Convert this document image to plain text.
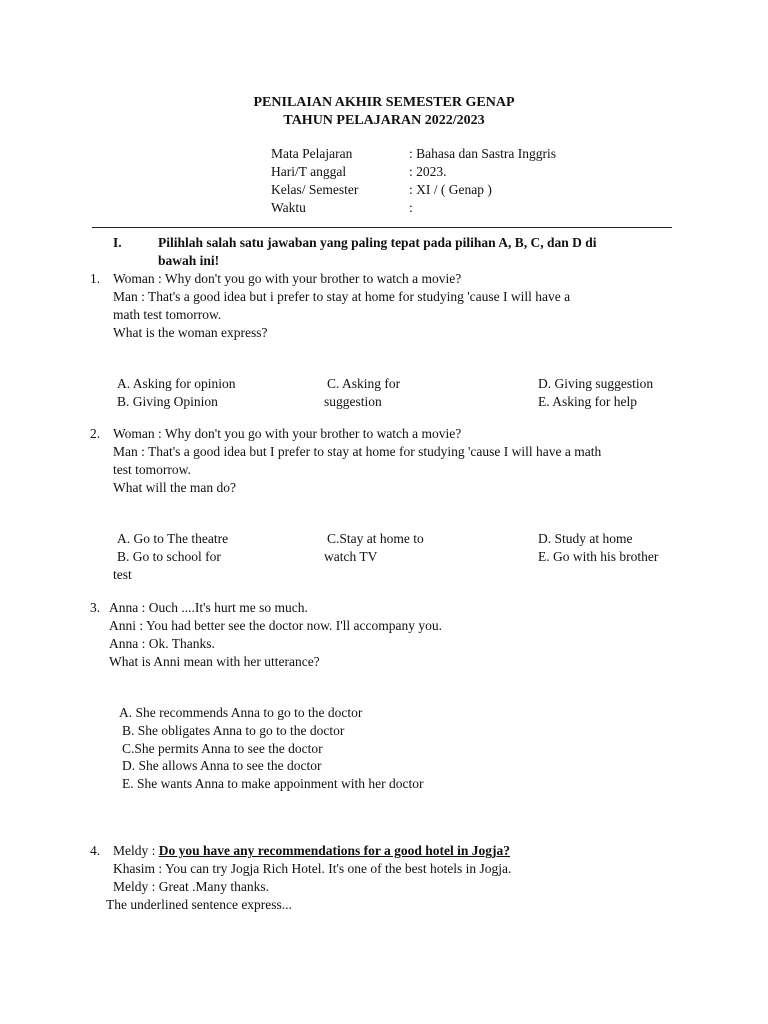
PENILAIAN AKHIR SEMESTER GENAP
TAHUN PELAJARAN 2022/2023
Mata Pelajaran	: Bahasa dan Sastra Inggris
Hari/T anggal	: 2023.
Kelas/ Semester	: XI / ( Genap )
Waktu	:
I.	Pilihlah salah satu jawaban yang paling tepat pada pilihan A, B, C, dan D di
bawah ini!
1. Woman : Why don't you go with your brother to watch a movie?
Man : That's a good idea but i prefer to stay at home for studying 'cause I will have a
math test tomorrow.
What is the woman express?
A. Asking for opinion
B. Giving Opinion
C. Asking for
suggestion
D. Giving suggestion
E. Asking for help
2. Woman : Why don't you go with your brother to watch a movie?
Man : That's a good idea but I prefer to stay at home for studying 'cause I will have a math
test tomorrow.
What will the man do?
A. Go to The theatre
B. Go to school for
test
C.Stay at home to
watch TV
D. Study at home
E. Go with his brother
3. Anna : Ouch ....It's hurt me so much.
Anni : You had better see the doctor now. I'll accompany you.
Anna : Ok. Thanks.
What is Anni mean with her utterance?
A. She recommends Anna to go to the doctor
B. She obligates Anna to go to the doctor
C.She permits Anna to see the doctor
D. She allows Anna to see the doctor
E. She wants Anna to make appoinment with her doctor
4. Meldy : Do you have any recommendations for a good hotel in Jogja?
Khasim : You can try Jogja Rich Hotel. It's one of the best hotels in Jogja.
Meldy : Great .Many thanks.
The underlined sentence express...
